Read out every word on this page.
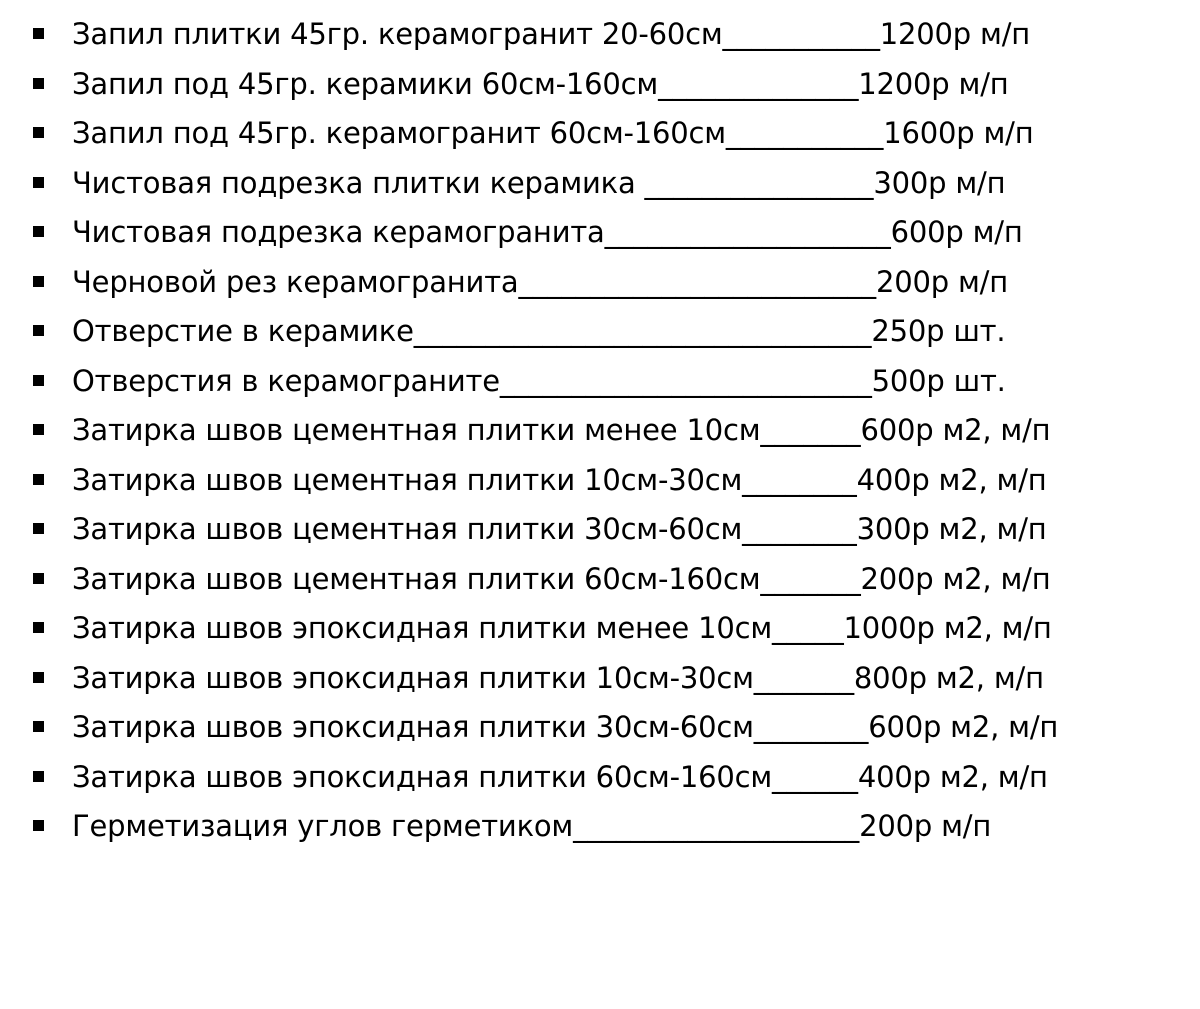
Запил плитки 45гр. керамогранит 20-60см___________1200р м/п
Запил под 45гр. керамики 60см-160см______________1200р м/п
Запил под 45гр. керамогранит 60см-160см___________1600р м/п
Чистовая подрезка плитки керамика ________________300р м/п
Чистовая подрезка керамогранита____________________600р м/п
Черновой рез керамогранита_________________________200р м/п
Отверстие в керамике________________________________250р шт.
Отверстия в керамограните__________________________500р шт.
Затирка швов цементная плитки менее 10см_______600р м2, м/п
Затирка швов цементная плитки 10см-30см________400р м2, м/п
Затирка швов цементная плитки 30см-60см________300р м2, м/п
Затирка швов цементная плитки 60см-160см_______200р м2, м/п
Затирка швов эпоксидная плитки менее 10см_____1000р м2, м/п
Затирка швов эпоксидная плитки 10см-30см_______800р м2, м/п
Затирка швов эпоксидная плитки 30см-60см________600р м2, м/п
Затирка швов эпоксидная плитки 60см-160см______400р м2, м/п
Герметизация углов герметиком____________________200р м/п
